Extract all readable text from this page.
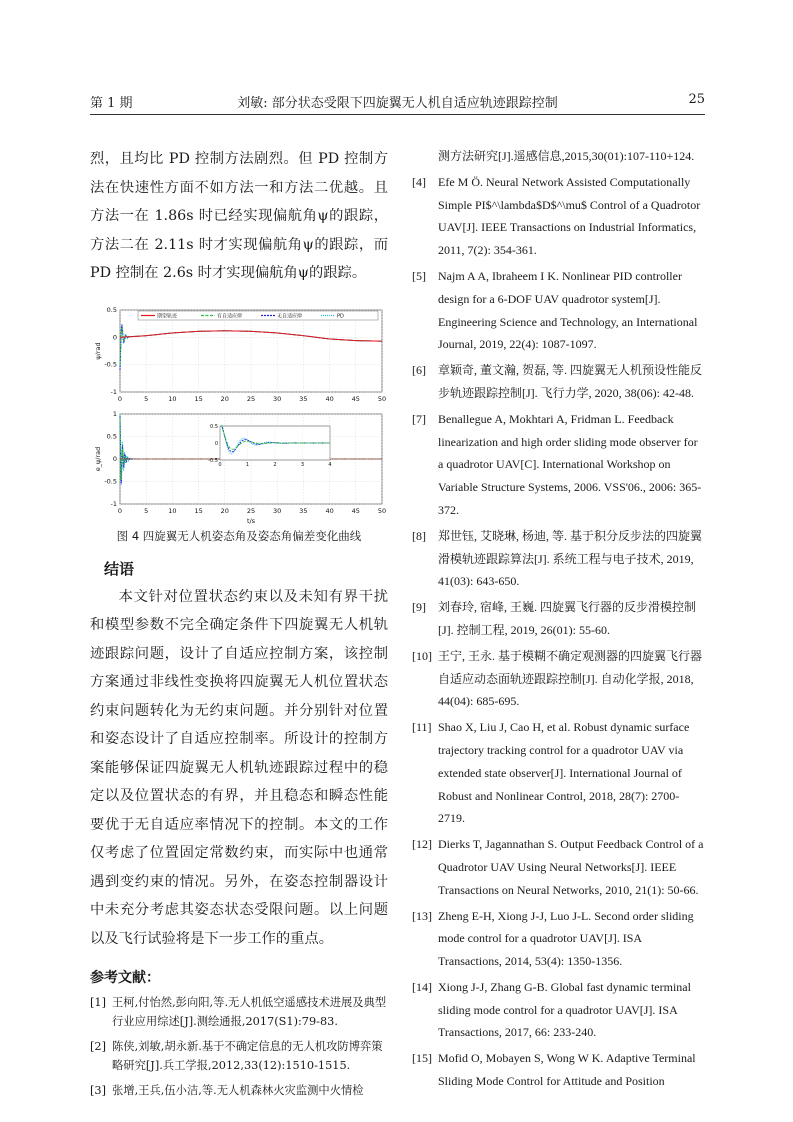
第 1 期	刘敏: 部分状态受限下四旋翼无人机自适应轨迹跟踪控制	25

烈，且均比 PD 控制方法剧烈。但 PD 控制方法在快速性方面不如方法一和方法二优越。且方法一在 1.86s 时已经实现偏航角ψ的跟踪，方法二在 2.11s 时才实现偏航角ψ的跟踪，而 PD 控制在 2.6s 时才实现偏航角ψ的跟踪。

0	5	10	15	20	25	30	35	40	45	50
0.5
0
-0.5
-1
ψ/rad
期望轨迹	有自适应律	无自适应律	PD
0	5	10	15	20	25	30	35	40	45	50
1
0.5
0
-0.5
-1
e_ψ/rad
t/s
0	1	2	3	4
0.5
0
-0.5

图 4 四旋翼无人机姿态角及姿态角偏差变化曲线

结语

本文针对位置状态约束以及未知有界干扰和模型参数不完全确定条件下四旋翼无人机轨迹跟踪问题，设计了自适应控制方案，该控制方案通过非线性变换将四旋翼无人机位置状态约束问题转化为无约束问题。并分别针对位置和姿态设计了自适应控制率。所设计的控制方案能够保证四旋翼无人机轨迹跟踪过程中的稳定以及位置状态的有界，并且稳态和瞬态性能要优于无自适应率情况下的控制。本文的工作仅考虑了位置固定常数约束，而实际中也通常遇到变约束的情况。另外，在姿态控制器设计中未充分考虑其姿态状态受限问题。以上问题以及飞行试验将是下一步工作的重点。

参考文献：
[1] 王柯,付怡然,彭向阳,等.无人机低空遥感技术进展及典型行业应用综述[J].测绘通报,2017(S1):79-83.
[2] 陈侠,刘敏,胡永新.基于不确定信息的无人机攻防博弈策略研究[J].兵工学报,2012,33(12):1510-1515.
[3] 张增,王兵,伍小洁,等.无人机森林火灾监测中火情检
测方法研究[J].遥感信息,2015,30(01):107-110+124.
[4] Efe M Ö. Neural Network Assisted Computationally Simple PI$^\lambda$D$^\mu$ Control of a Quadrotor UAV[J]. IEEE Transactions on Industrial Informatics, 2011, 7(2): 354-361.
[5] Najm A A, Ibraheem I K. Nonlinear PID controller design for a 6-DOF UAV quadrotor system[J]. Engineering Science and Technology, an International Journal, 2019, 22(4): 1087-1097.
[6] 章颖奇, 董文瀚, 贺磊, 等. 四旋翼无人机预设性能反步轨迹跟踪控制[J]. 飞行力学, 2020, 38(06): 42-48.
[7] Benallegue A, Mokhtari A, Fridman L. Feedback linearization and high order sliding mode observer for a quadrotor UAV[C]. International Workshop on Variable Structure Systems, 2006. VSS'06., 2006: 365-372.
[8] 郑世钰, 艾晓琳, 杨迪, 等. 基于积分反步法的四旋翼滑模轨迹跟踪算法[J]. 系统工程与电子技术, 2019, 41(03): 643-650.
[9] 刘春玲, 宿峰, 王巍. 四旋翼飞行器的反步滑模控制[J]. 控制工程, 2019, 26(01): 55-60.
[10] 王宁, 王永. 基于模糊不确定观测器的四旋翼飞行器自适应动态面轨迹跟踪控制[J]. 自动化学报, 2018, 44(04): 685-695.
[11] Shao X, Liu J, Cao H, et al. Robust dynamic surface trajectory tracking control for a quadrotor UAV via extended state observer[J]. International Journal of Robust and Nonlinear Control, 2018, 28(7): 2700-2719.
[12] Dierks T, Jagannathan S. Output Feedback Control of a Quadrotor UAV Using Neural Networks[J]. IEEE Transactions on Neural Networks, 2010, 21(1): 50-66.
[13] Zheng E-H, Xiong J-J, Luo J-L. Second order sliding mode control for a quadrotor UAV[J]. ISA Transactions, 2014, 53(4): 1350-1356.
[14] Xiong J-J, Zhang G-B. Global fast dynamic terminal sliding mode control for a quadrotor UAV[J]. ISA Transactions, 2017, 66: 233-240.
[15] Mofid O, Mobayen S, Wong W K. Adaptive Terminal Sliding Mode Control for Attitude and Position
